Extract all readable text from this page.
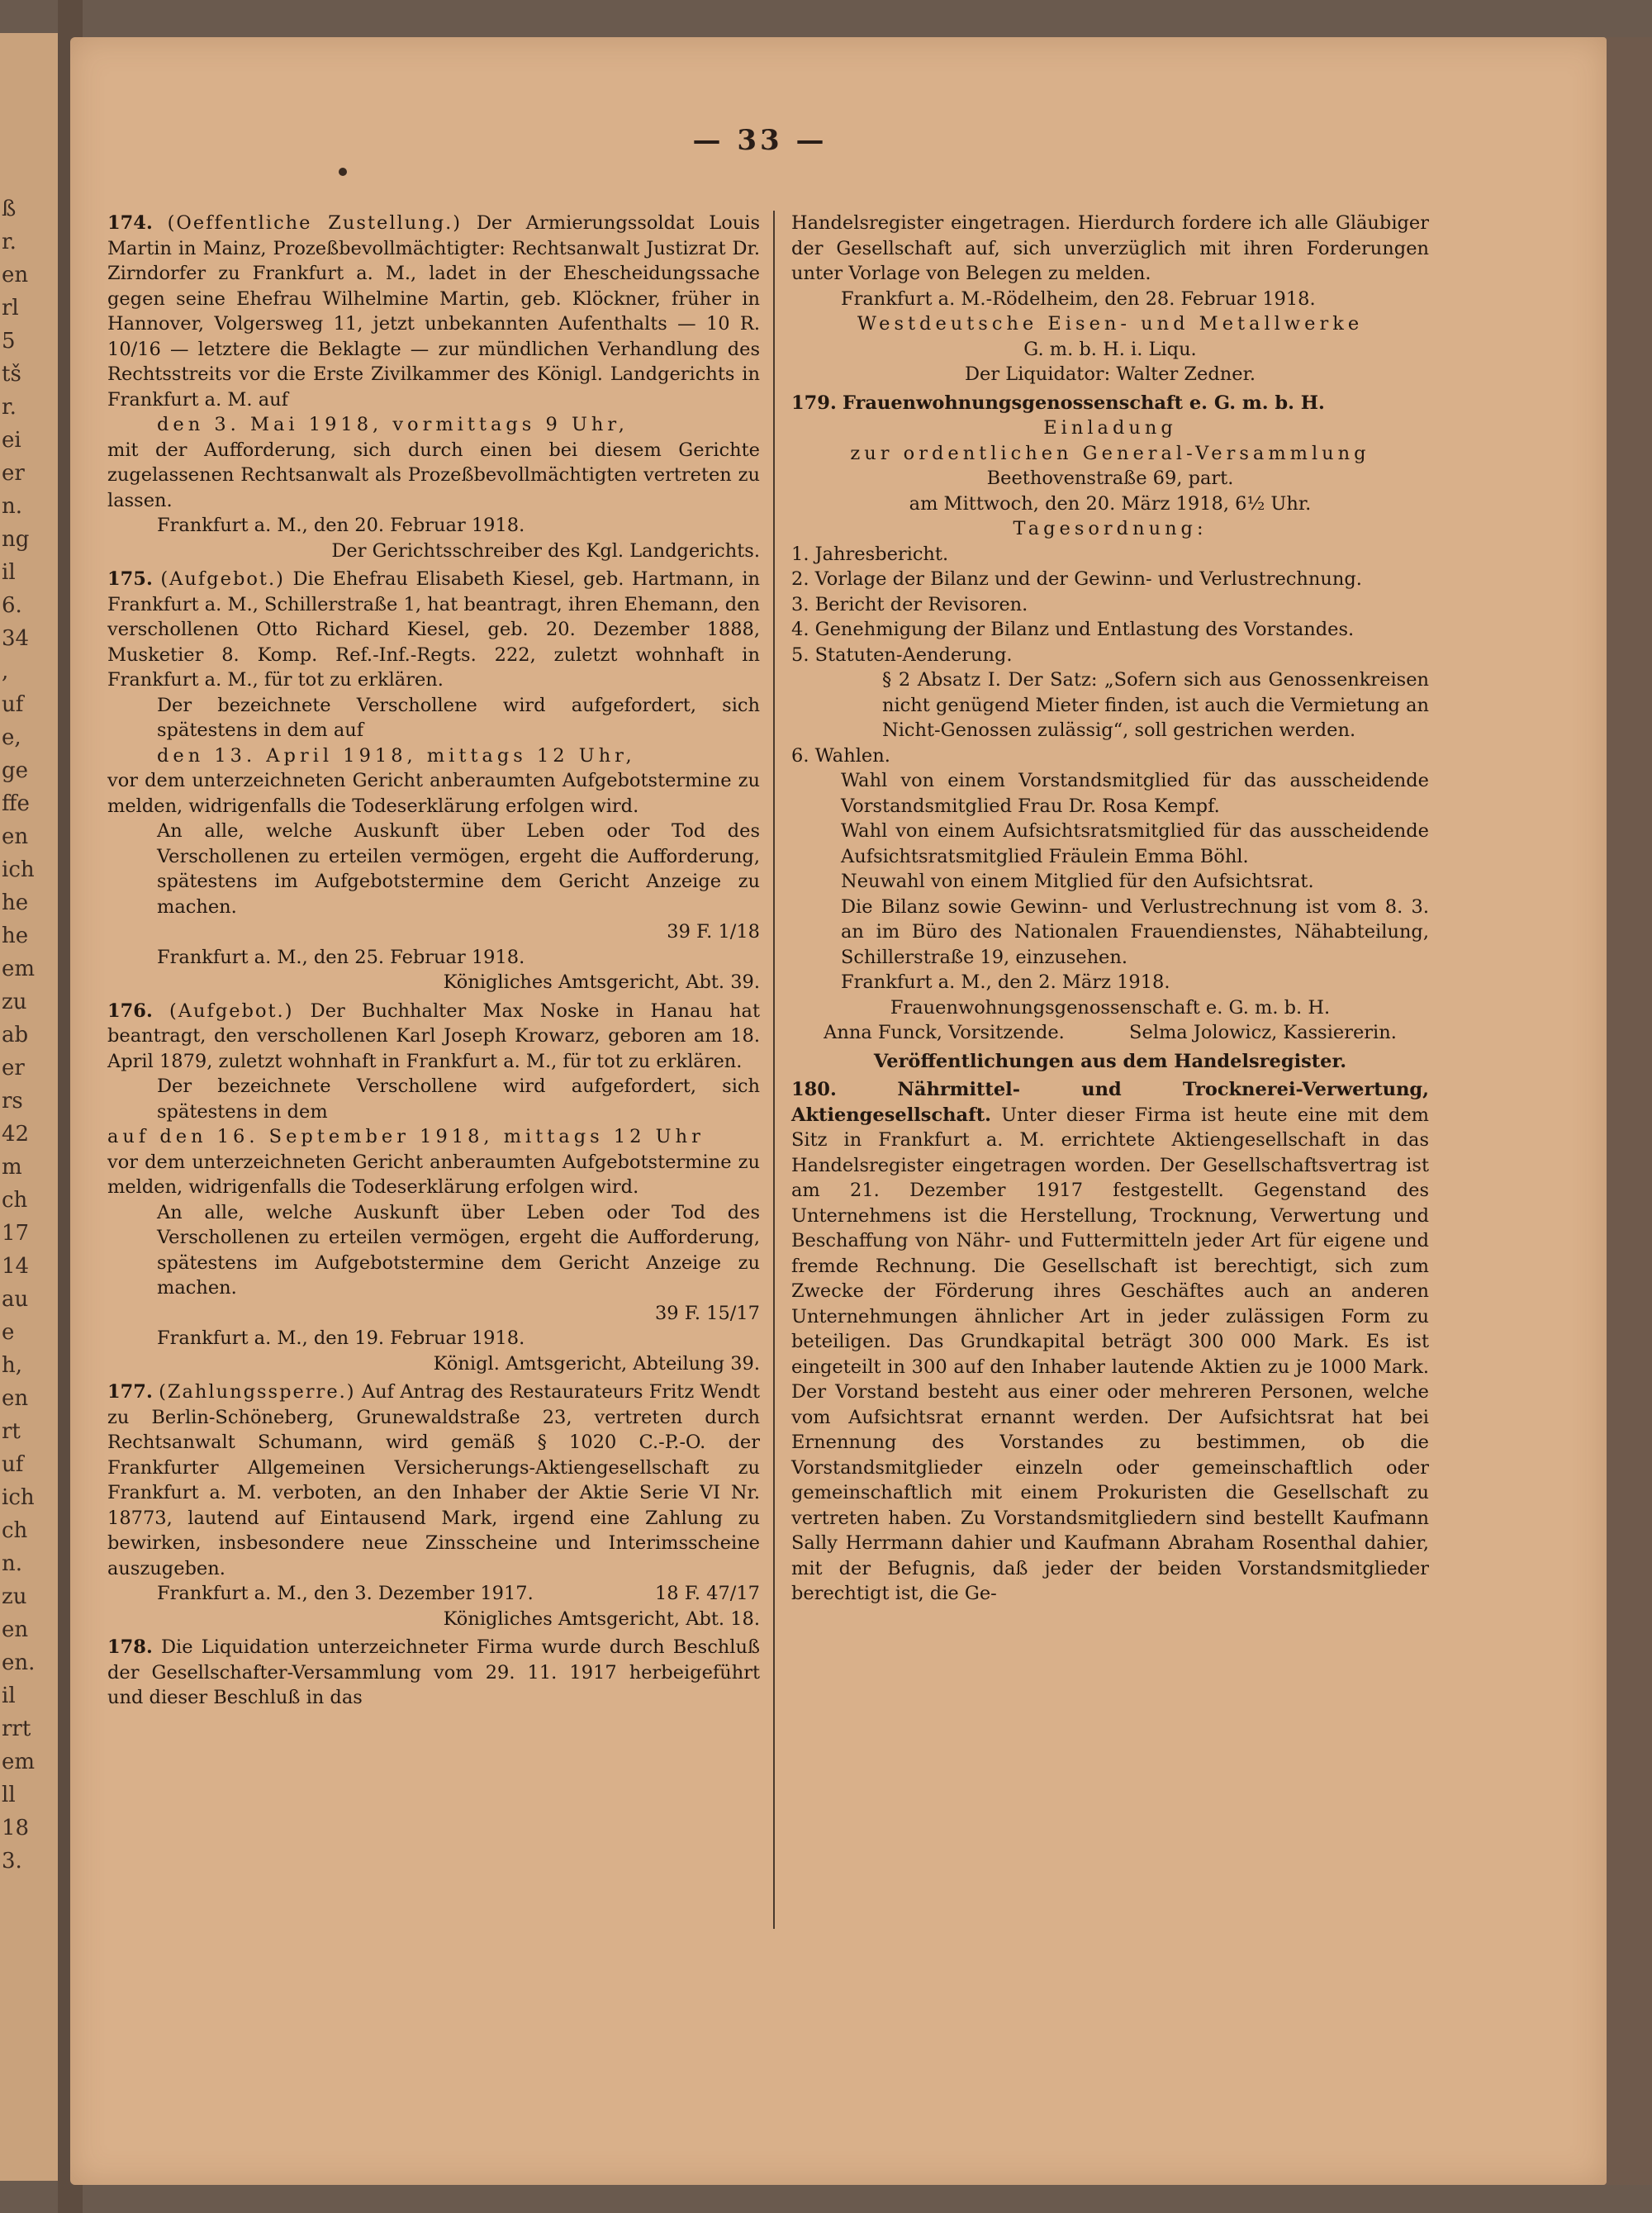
ß
r.
en
rl
5
tš
r.
ei
er
n.
ng
il
6.
34
,
uf
e,
ge
ffe
en
ich
he
he
em
zu
ab
er
rs
42
m
ch
17
14
au
e
h,
en
rt
uf
ich
ch
n.
zu
en
en.
il
rrt
em
ll
18
3.
— 33 —

174. (Oeffentliche Zustellung.) Der Armierungssoldat Louis Martin in Mainz, Prozeßbevollmächtigter: Rechtsanwalt Justizrat Dr. Zirndorfer zu Frankfurt a. M., ladet in der Ehescheidungssache gegen seine Ehefrau Wilhelmine Martin, geb. Klöckner, früher in Hannover, Volgersweg 11, jetzt unbekannten Aufenthalts — 10 R. 10/16 — letztere die Beklagte — zur mündlichen Verhandlung des Rechtsstreits vor die Erste Zivilkammer des Königl. Landgerichts in Frankfurt a. M. auf

den 3. Mai 1918, vormittags 9 Uhr,

mit der Aufforderung, sich durch einen bei diesem Gerichte zugelassenen Rechtsanwalt als Prozeßbevollmächtigten vertreten zu lassen.

Frankfurt a. M., den 20. Februar 1918.

Der Gerichtsschreiber des Kgl. Landgerichts.

175. (Aufgebot.) Die Ehefrau Elisabeth Kiesel, geb. Hartmann, in Frankfurt a. M., Schillerstraße 1, hat beantragt, ihren Ehemann, den verschollenen Otto Richard Kiesel, geb. 20. Dezember 1888, Musketier 8. Komp. Ref.-Inf.-Regts. 222, zuletzt wohnhaft in Frankfurt a. M., für tot zu erklären.

Der bezeichnete Verschollene wird aufgefordert, sich spätestens in dem auf

den 13. April 1918, mittags 12 Uhr,

vor dem unterzeichneten Gericht anberaumten Aufgebotstermine zu melden, widrigenfalls die Todeserklärung erfolgen wird.

An alle, welche Auskunft über Leben oder Tod des Verschollenen zu erteilen vermögen, ergeht die Aufforderung, spätestens im Aufgebotstermine dem Gericht Anzeige zu machen.

39 F. 1/18

Frankfurt a. M., den 25. Februar 1918.

Königliches Amtsgericht, Abt. 39.

176. (Aufgebot.) Der Buchhalter Max Noske in Hanau hat beantragt, den verschollenen Karl Joseph Krowarz, geboren am 18. April 1879, zuletzt wohnhaft in Frankfurt a. M., für tot zu erklären.

Der bezeichnete Verschollene wird aufgefordert, sich spätestens in dem

auf den 16. September 1918, mittags 12 Uhr

vor dem unterzeichneten Gericht anberaumten Aufgebotstermine zu melden, widrigenfalls die Todeserklärung erfolgen wird.

An alle, welche Auskunft über Leben oder Tod des Verschollenen zu erteilen vermögen, ergeht die Aufforderung, spätestens im Aufgebotstermine dem Gericht Anzeige zu machen.

39 F. 15/17

Frankfurt a. M., den 19. Februar 1918.

Königl. Amtsgericht, Abteilung 39.

177. (Zahlungssperre.) Auf Antrag des Restaurateurs Fritz Wendt zu Berlin-Schöneberg, Grunewaldstraße 23, vertreten durch Rechtsanwalt Schumann, wird gemäß § 1020 C.-P.-O. der Frankfurter Allgemeinen Versicherungs-Aktiengesellschaft zu Frankfurt a. M. verboten, an den Inhaber der Aktie Serie VI Nr. 18773, lautend auf Eintausend Mark, irgend eine Zahlung zu bewirken, insbesondere neue Zinsscheine und Interimsscheine auszugeben.

Frankfurt a. M., den 3. Dezember 1917.	18 F. 47/17

Königliches Amtsgericht, Abt. 18.

178. Die Liquidation unterzeichneter Firma wurde durch Beschluß der Gesellschafter-Versammlung vom 29. 11. 1917 herbeigeführt und dieser Beschluß in das

Handelsregister eingetragen. Hierdurch fordere ich alle Gläubiger der Gesellschaft auf, sich unverzüglich mit ihren Forderungen unter Vorlage von Belegen zu melden.

Frankfurt a. M.-Rödelheim, den 28. Februar 1918.

Westdeutsche Eisen- und Metallwerke

G. m. b. H. i. Liqu.

Der Liquidator: Walter Zedner.

179. Frauenwohnungsgenossenschaft e. G. m. b. H.

Einladung

zur ordentlichen General-Versammlung

Beethovenstraße 69, part.

am Mittwoch, den 20. März 1918, 6½ Uhr.

Tagesordnung:

1. Jahresbericht.

2. Vorlage der Bilanz und der Gewinn- und Verlustrechnung.

3. Bericht der Revisoren.

4. Genehmigung der Bilanz und Entlastung des Vorstandes.

5. Statuten-Aenderung.

§ 2 Absatz I. Der Satz: „Sofern sich aus Genossenkreisen nicht genügend Mieter finden, ist auch die Vermietung an Nicht-Genossen zulässig“, soll gestrichen werden.

6. Wahlen.

Wahl von einem Vorstandsmitglied für das ausscheidende Vorstandsmitglied Frau Dr. Rosa Kempf.

Wahl von einem Aufsichtsratsmitglied für das ausscheidende Aufsichtsratsmitglied Fräulein Emma Böhl.

Neuwahl von einem Mitglied für den Aufsichtsrat.

Die Bilanz sowie Gewinn- und Verlustrechnung ist vom 8. 3. an im Büro des Nationalen Frauendienstes, Nähabteilung, Schillerstraße 19, einzusehen.

Frankfurt a. M., den 2. März 1918.

Frauenwohnungsgenossenschaft e. G. m. b. H.

Anna Funck, Vorsitzende.	Selma Jolowicz, Kassiererin.

Veröffentlichungen aus dem Handelsregister.

180.	Nährmittel- und Trocknerei-Verwertung, Aktiengesellschaft. Unter dieser Firma ist heute eine mit dem Sitz in Frankfurt a. M. errichtete Aktiengesellschaft in das Handelsregister eingetragen worden. Der Gesellschaftsvertrag ist am 21. Dezember 1917 festgestellt. Gegenstand des Unternehmens ist die Herstellung, Trocknung, Verwertung und Beschaffung von Nähr- und Futtermitteln jeder Art für eigene und fremde Rechnung. Die Gesellschaft ist berechtigt, sich zum Zwecke der Förderung ihres Geschäftes auch an anderen Unternehmungen ähnlicher Art in jeder zulässigen Form zu beteiligen. Das Grundkapital beträgt 300 000 Mark. Es ist eingeteilt in 300 auf den Inhaber lautende Aktien zu je 1000 Mark. Der Vorstand besteht aus einer oder mehreren Personen, welche vom Aufsichtsrat ernannt werden. Der Aufsichtsrat hat bei Ernennung des Vorstandes zu bestimmen, ob die Vorstandsmitglieder einzeln oder gemeinschaftlich oder gemeinschaftlich mit einem Prokuristen die Gesellschaft zu vertreten haben. Zu Vorstandsmitgliedern sind bestellt Kaufmann Sally Herrmann dahier und Kaufmann Abraham Rosenthal dahier, mit der Befugnis, daß jeder der beiden Vorstandsmitglieder berechtigt ist, die Ge-
